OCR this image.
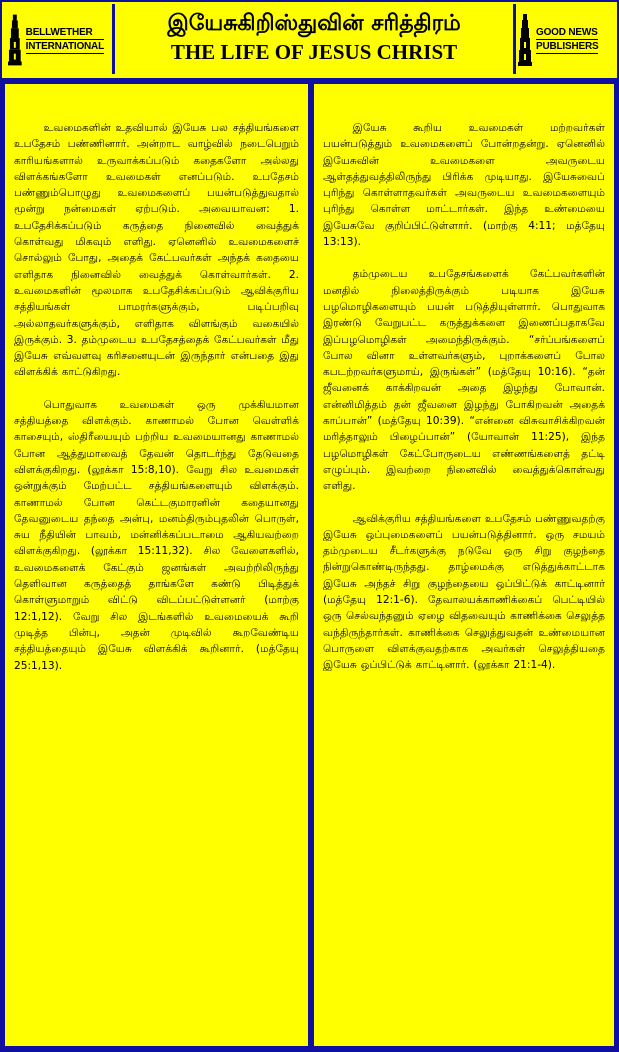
BELLWETHER
INTERNATIONAL
இயேசுகிறிஸ்துவின் சரித்திரம்
THE LIFE OF JESUS CHRIST
GOOD NEWS
PUBLISHERS

உவமைகளின் உதவியால் இயேசு பல சத்தியங்களை உபதேசம் பண்ணினார். அன்றாட வாழ்வில் நடைபெறும் காரியங்களால் உருவாக்கப்படும் கதைகளோ அல்லது விளக்கங்களோ உவமைகள் எனப்படும். உபதேசம் பண்ணும்பொழுது உவமைகளைப் பயன்படுத்துவதால் மூன்று நன்மைகள் ஏற்படும். அவையாவன: 1. உபதேசிக்கப்படும் கருத்தை நினைவில் வைத்துக் கொள்வது மிகவும் எளிது. ஏனெனில் உவமைகளைச் சொல்லும் போது, அதைக் கேட்பவர்கள் அந்தக் கதையை எளிதாக நினைவில் வைத்துக் கொள்வார்கள். 2. உவமைகளின் மூலமாக உபதேசிக்கப்படும் ஆவிக்குரிய சத்தியங்கள் பாமரர்களுக்கும், படிப்பறிவு அல்லாதவர்களுக்கும், எளிதாக விளங்கும் வகையில் இருக்கும். 3. தம்முடைய உபதேசத்தைக் கேட்பவர்கள் மீது இயேசு எவ்வளவு கரிசனையுடன் இருந்தார் என்பதை இது விளக்கிக் காட்டுகிறது.

பொதுவாக உவமைகள் ஒரு முக்கியமான சத்தியத்தை விளக்கும். காணாமல் போன வெள்ளிக் காசையும், ஸ்திரீயையும் பற்றிய உவமையானது காணாமல் போன ஆத்துமாவைத் தேவன் தொடர்ந்து தேடுவதை விளக்குகிறது. (லூக்கா 15:8,10). வேறு சில உவமைகள் ஒன்றுக்கும் மேற்பட்ட சத்தியங்களையும் விளக்கும். காணாமல் போன கெட்டகுமாரனின் கதையானது தேவனுடைய தந்தை அன்பு, மனம்திரும்புதலின் பொருள், சுய நீதியின் பாவம், மன்னிக்கப்படாமை ஆகியவற்றை விளக்குகிறது. (லூக்கா 15:11,32). சில வேளைகளில், உவமைகளைக் கேட்கும் ஜனங்கள் அவற்றிலிருந்து தெளிவான கருத்தைத் தாங்களே கண்டு பிடித்துக் கொள்ளுமாறும் விட்டு விடப்பட்டுள்ளனர் (மாற்கு 12:1,12). வேறு சில இடங்களில் உவமையைக் கூறி முடித்த பின்பு, அதன் முடிவில் கூறவேண்டிய சத்தியத்தையும் இயேசு விளக்கிக் கூறினார். (மத்தேயு 25:1,13).

இயேசு கூறிய உவமைகள் மற்றவர்கள் பயன்படுத்தும் உவமைகளைப் போன்றதன்று. ஏனெனில் இயேசுவின் உவமைகளை அவருடைய ஆள்தத்துவத்திலிருந்து பிரிக்க முடியாது. இயேசுவைப் புரிந்து கொள்ளாதவர்கள் அவருடைய உவமைகளையும் புரிந்து கொள்ள மாட்டார்கள். இந்த உண்மையை இயேசுவே குறிப்பிட்டுள்ளார். (மாற்கு 4:11; மத்தேயு 13:13).

தம்முடைய உபதேசங்களைக் கேட்பவர்களின் மனதில் நிலைத்திருக்கும் படியாக இயேசு பழமொழிகளையும் பயன் படுத்தியுள்ளார். பொதுவாக இரண்டு வேறுபட்ட கருத்துக்களை இணைப்பதாகவே இப்பழமொழிகள் அமைந்திருக்கும். “சர்ப்பங்களைப் போல வினா உள்ளவர்களும், புறாக்களைப் போல கபடற்றவர்களுமாய், இருங்கள்” (மத்தேயு 10:16). “தன் ஜீவனைக் காக்கிறவன் அதை இழந்து போவான். என்னிமித்தம் தன் ஜீவனை இழந்து போகிறவன் அதைக் காப்பான்” (மத்தேயு 10:39). “என்னை விசுவாசிக்கிறவன் மரித்தாலும் பிழைப்பான்” (யோவான் 11:25), இந்த பழமொழிகள் கேட்போருடைய எண்ணங்களைத் தட்டி எழுப்பும். இவற்றை நினைவில் வைத்துக்கொள்வது எளிது.

ஆவிக்குரிய சத்தியங்களை உபதேசம் பண்ணுவதற்கு இயேசு ஒப்புமைகளைப் பயன்படுத்தினார். ஒரு சமயம் தம்முடைய சீடர்களுக்கு நடுவே ஒரு சிறு குழந்தை நின்றுகொண்டிருந்தது. தாழ்மைக்கு எடுத்துக்காட்டாக இயேசு அந்தச் சிறு குழந்தையை ஒப்பிட்டுக் காட்டினார் (மத்தேயு 12:1-6). தேவாலயக்காணிக்கைப் பெட்டியில் ஒரு செல்வந்தனும் ஏழை விதவையும் காணிக்கை செலுத்த வந்திருந்தார்கள். காணிக்கை செலுத்துவதன் உண்மையான பொருளை விளக்குவதற்காக அவர்கள் செலுத்தியதை இயேசு ஒப்பிட்டுக் காட்டினார். (லூக்கா 21:1-4).
